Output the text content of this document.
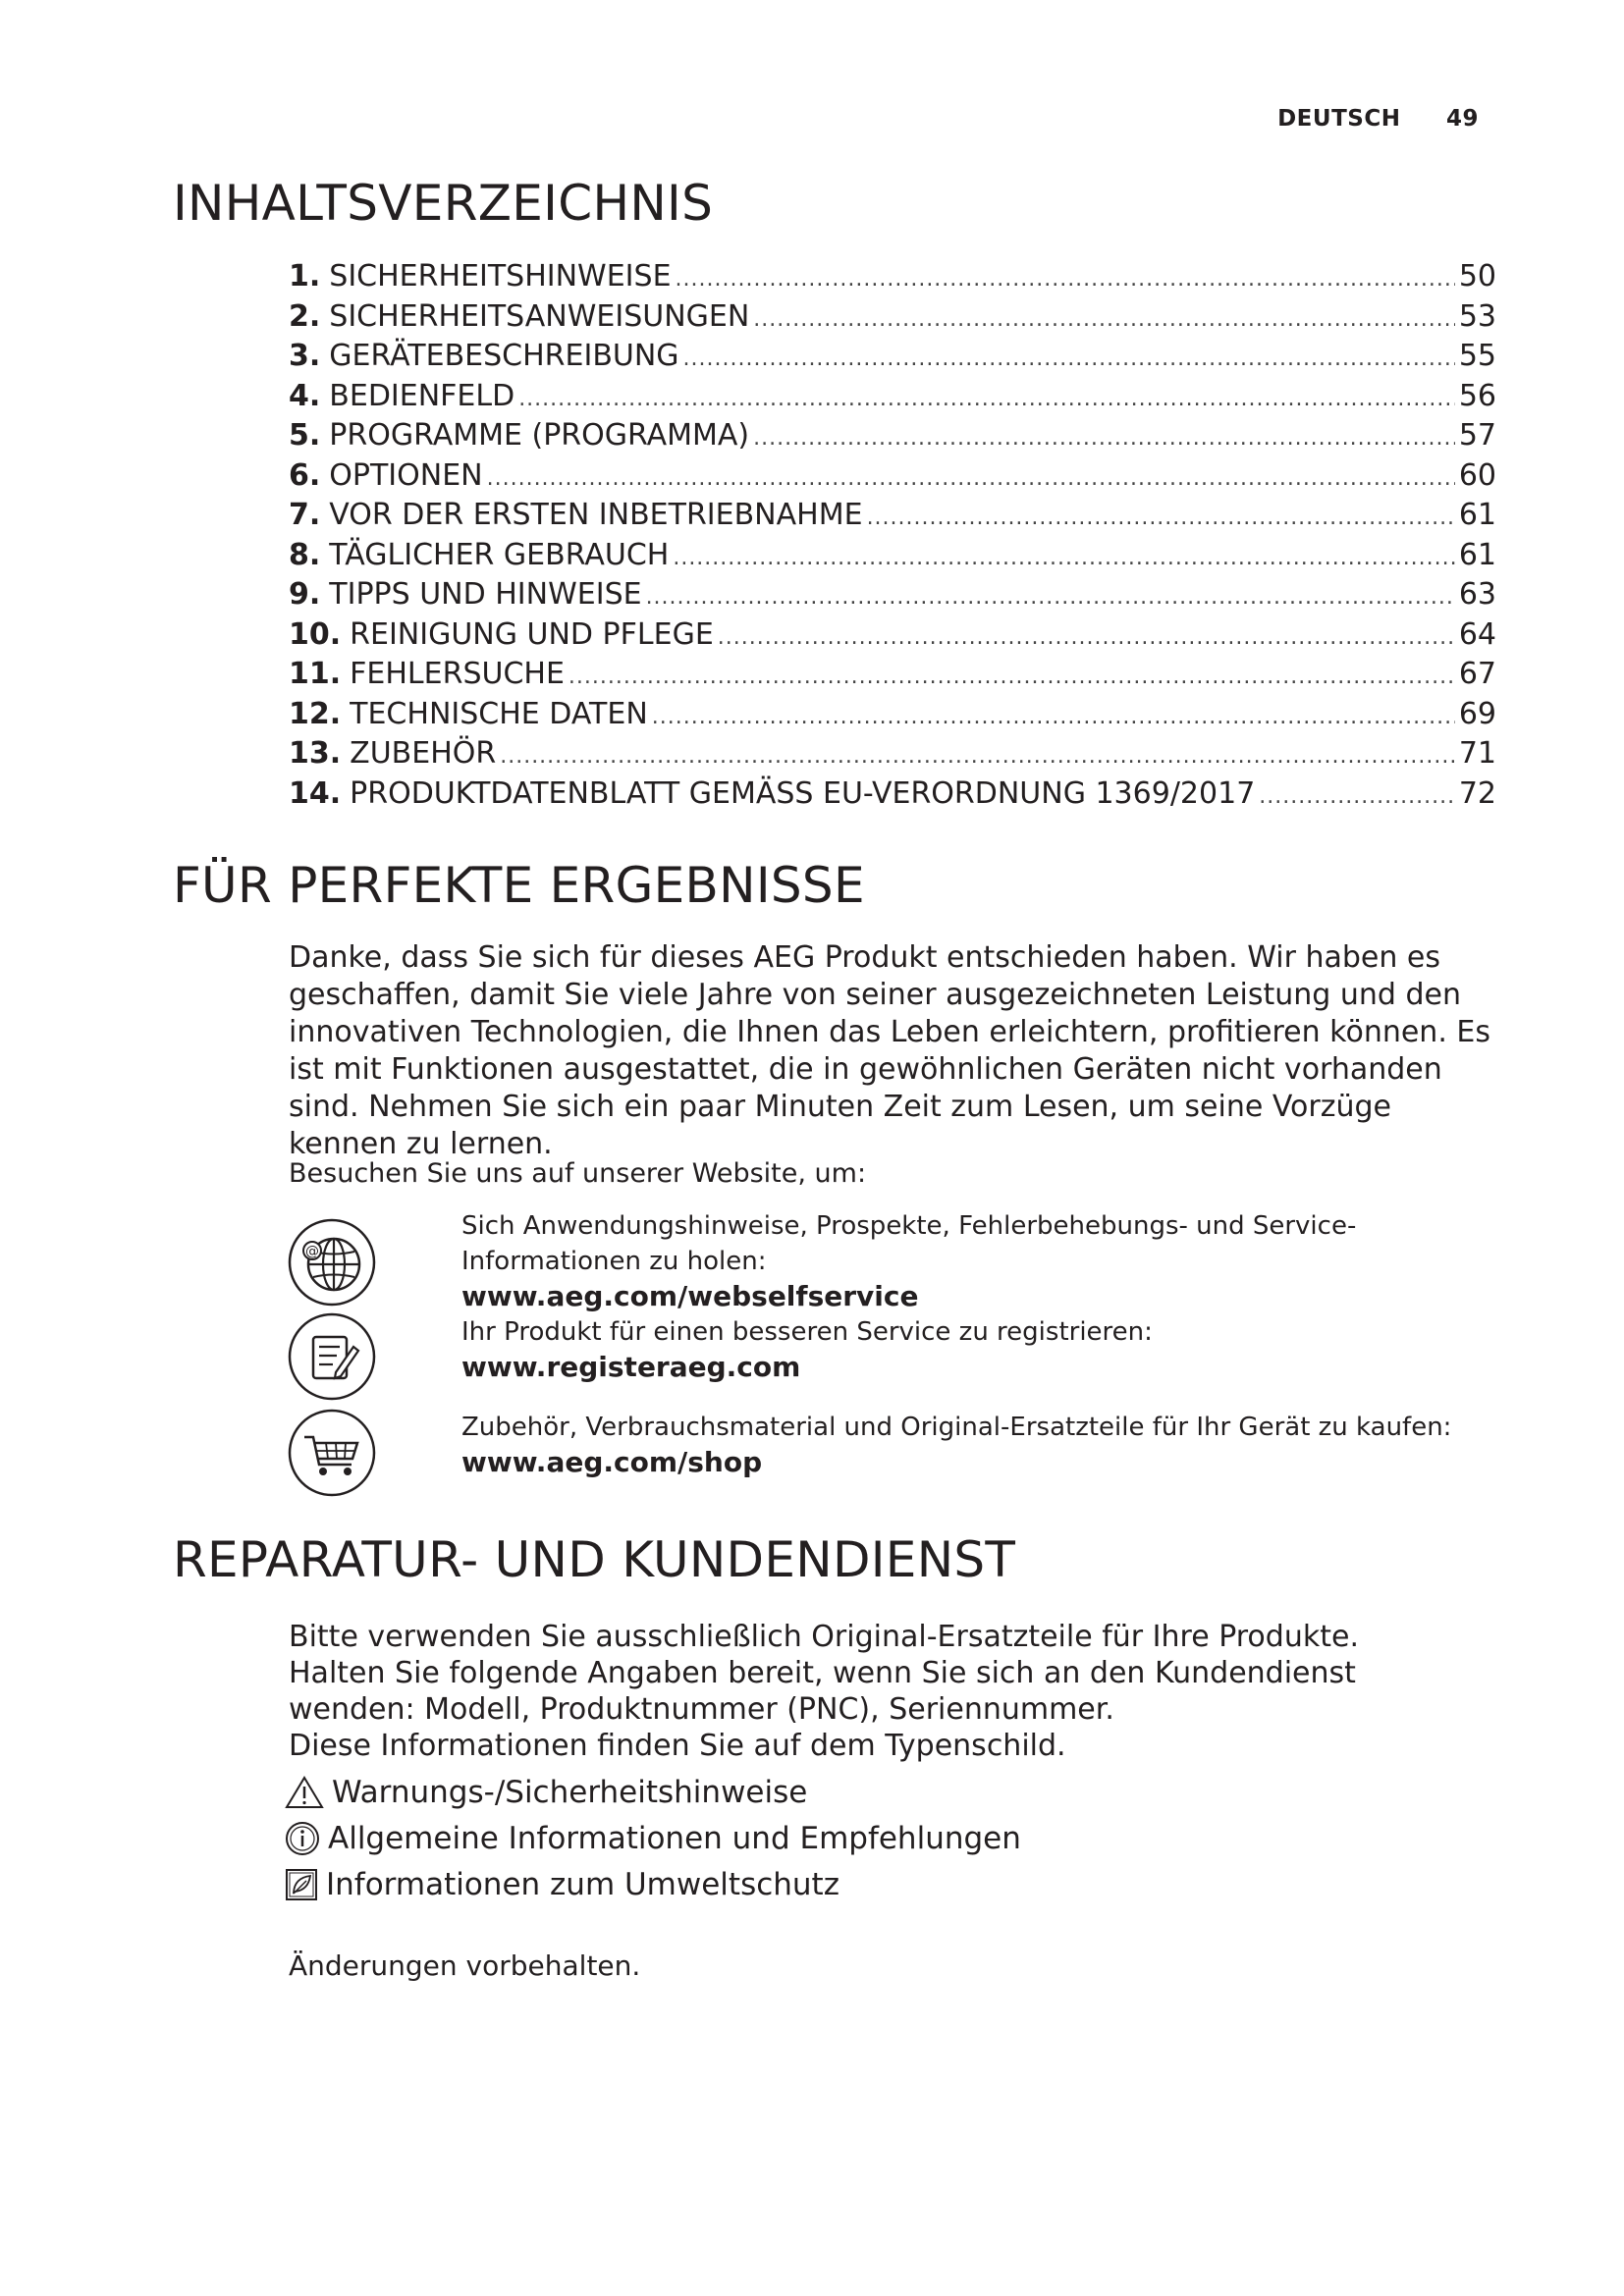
DEUTSCH 49
INHALTSVERZEICHNIS
1. SICHERHEITSHINWEISE .....	50
2. SICHERHEITSANWEISUNGEN .....	53
3. GERÄTEBESCHREIBUNG .....	55
4. BEDIENFELD .....	56
5. PROGRAMME (PROGRAMMA) .....	57
6. OPTIONEN .....	60
7. VOR DER ERSTEN INBETRIEBNAHME .....	61
8. TÄGLICHER GEBRAUCH .....	61
9. TIPPS UND HINWEISE .....	63
10. REINIGUNG UND PFLEGE .....	64
11. FEHLERSUCHE .....	67
12. TECHNISCHE DATEN .....	69
13. ZUBEHÖR .....	71
14. PRODUKTDATENBLATT GEMÄSS EU-VERORDNUNG 1369/2017 .....	72
FÜR PERFEKTE ERGEBNISSE

Danke, dass Sie sich für dieses AEG Produkt entschieden haben. Wir haben es geschaffen, damit Sie viele Jahre von seiner ausgezeichneten Leistung und den innovativen Technologien, die Ihnen das Leben erleichtern, profitieren können. Es ist mit Funktionen ausgestattet, die in gewöhnlichen Geräten nicht vorhanden sind. Nehmen Sie sich ein paar Minuten Zeit zum Lesen, um seine Vorzüge kennen zu lernen.

Besuchen Sie uns auf unserer Website, um:

@
Sich Anwendungshinweise, Prospekte, Fehlerbehebungs- und Service-
Informationen zu holen:
www.aeg.com/webselfservice
Ihr Produkt für einen besseren Service zu registrieren:
www.registeraeg.com
Zubehör, Verbrauchsmaterial und Original-Ersatzteile für Ihr Gerät zu kaufen:
www.aeg.com/shop
REPARATUR- UND KUNDENDIENST
Bitte verwenden Sie ausschließlich Original-Ersatzteile für Ihre Produkte.
Halten Sie folgende Angaben bereit, wenn Sie sich an den Kundendienst
wenden: Modell, Produktnummer (PNC), Seriennummer.
Diese Informationen finden Sie auf dem Typenschild.
Warnungs-/Sicherheitshinweise
Allgemeine Informationen und Empfehlungen
Informationen zum Umweltschutz

Änderungen vorbehalten.
